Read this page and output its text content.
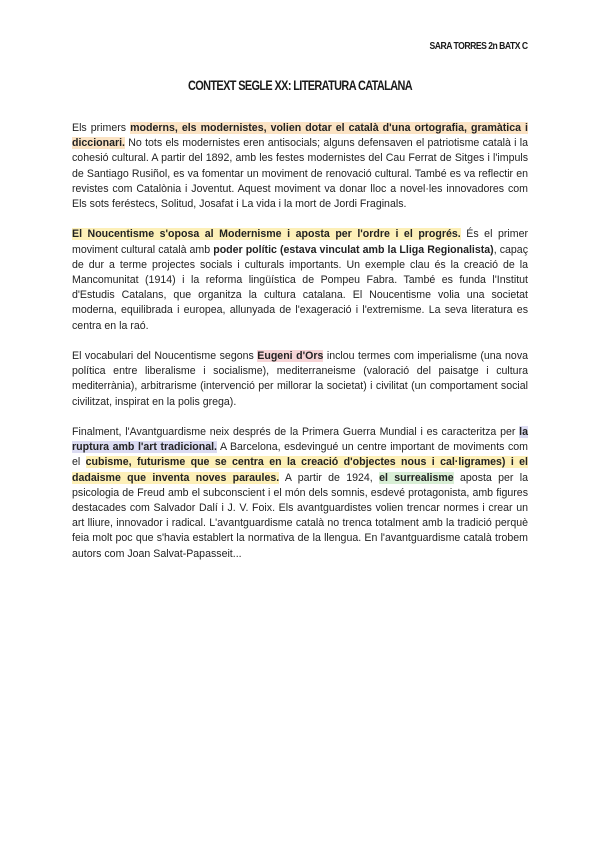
SARA TORRES 2n BATX C
CONTEXT SEGLE XX: LITERATURA CATALANA

Els primers moderns, els modernistes, volien dotar el català d'una ortografia, gramàtica i diccionari. No tots els modernistes eren antisocials; alguns defensaven el patriotisme català i la cohesió cultural. A partir del 1892, amb les festes modernistes del Cau Ferrat de Sitges i l'impuls de Santiago Rusiñol, es va fomentar un moviment de renovació cultural. També es va reflectir en revistes com Catalònia i Joventut. Aquest moviment va donar lloc a novel·les innovadores com Els sots feréstecs, Solitud, Josafat i La vida i la mort de Jordi Fraginals.

El Noucentisme s'oposa al Modernisme i aposta per l'ordre i el progrés. És el primer moviment cultural català amb poder polític (estava vinculat amb la Lliga Regionalista), capaç de dur a terme projectes socials i culturals importants. Un exemple clau és la creació de la Mancomunitat (1914) i la reforma lingüística de Pompeu Fabra. També es funda l'Institut d'Estudis Catalans, que organitza la cultura catalana. El Noucentisme volia una societat moderna, equilibrada i europea, allunyada de l'exageració i l'extremisme. La seva literatura es centra en la raó.

El vocabulari del Noucentisme segons Eugeni d'Ors inclou termes com imperialisme (una nova política entre liberalisme i socialisme), mediterraneisme (valoració del paisatge i cultura mediterrània), arbitrarisme (intervenció per millorar la societat) i civilitat (un comportament social civilitzat, inspirat en la polis grega).

Finalment, l'Avantguardisme neix després de la Primera Guerra Mundial i es caracteritza per la ruptura amb l'art tradicional. A Barcelona, esdevingué un centre important de moviments com el cubisme, futurisme que se centra en la creació d'objectes nous i cal·ligrames) i el dadaisme que inventa noves paraules. A partir de 1924, el surrealisme aposta per la psicologia de Freud amb el subconscient i el món dels somnis, esdevé protagonista, amb figures destacades com Salvador Dalí i J. V. Foix. Els avantguardistes volien trencar normes i crear un art lliure, innovador i radical. L'avantguardisme català no trenca totalment amb la tradició perquè feia molt poc que s'havia establert la normativa de la llengua. En l'avantguardisme català trobem autors com Joan Salvat-Papasseit...
